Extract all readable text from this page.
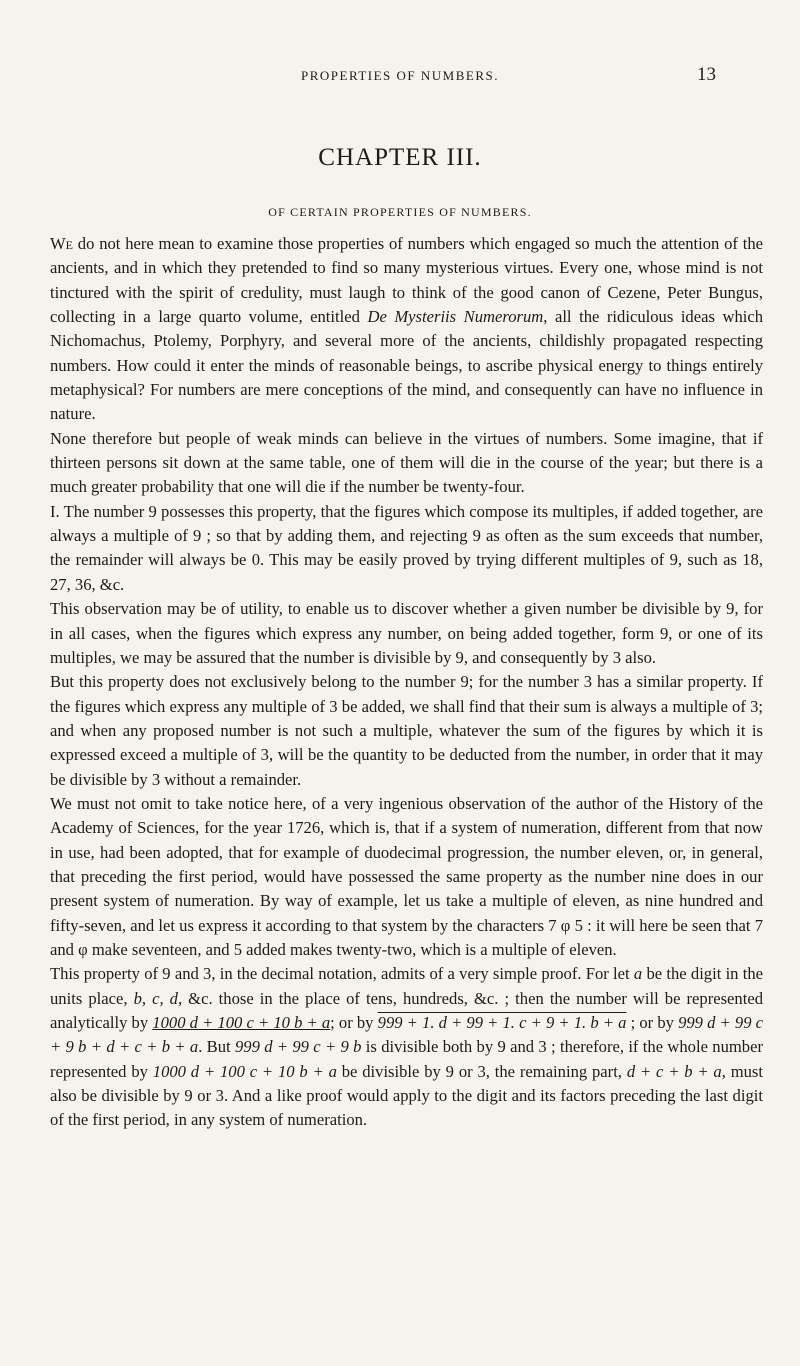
PROPERTIES OF NUMBERS.	13
CHAPTER III.
OF CERTAIN PROPERTIES OF NUMBERS.

We do not here mean to examine those properties of numbers which engaged so much the attention of the ancients, and in which they pretended to find so many mysterious virtues. Every one, whose mind is not tinctured with the spirit of credulity, must laugh to think of the good canon of Cezene, Peter Bungus, collecting in a large quarto volume, entitled De Mysteriis Numerorum, all the ridiculous ideas which Nichomachus, Ptolemy, Porphyry, and several more of the ancients, childishly propagated respecting numbers. How could it enter the minds of reasonable beings, to ascribe physical energy to things entirely metaphysical? For numbers are mere conceptions of the mind, and consequently can have no influence in nature.

None therefore but people of weak minds can believe in the virtues of numbers. Some imagine, that if thirteen persons sit down at the same table, one of them will die in the course of the year; but there is a much greater probability that one will die if the number be twenty-four.

I. The number 9 possesses this property, that the figures which compose its multiples, if added together, are always a multiple of 9 ; so that by adding them, and rejecting 9 as often as the sum exceeds that number, the remainder will always be 0. This may be easily proved by trying different multiples of 9, such as 18, 27, 36, &c.

This observation may be of utility, to enable us to discover whether a given number be divisible by 9, for in all cases, when the figures which express any number, on being added together, form 9, or one of its multiples, we may be assured that the number is divisible by 9, and consequently by 3 also.

But this property does not exclusively belong to the number 9; for the number 3 has a similar property. If the figures which express any multiple of 3 be added, we shall find that their sum is always a multiple of 3; and when any proposed number is not such a multiple, whatever the sum of the figures by which it is expressed exceed a multiple of 3, will be the quantity to be deducted from the number, in order that it may be divisible by 3 without a remainder.

We must not omit to take notice here, of a very ingenious observation of the author of the History of the Academy of Sciences, for the year 1726, which is, that if a system of numeration, different from that now in use, had been adopted, that for example of duodecimal progression, the number eleven, or, in general, that preceding the first period, would have possessed the same property as the number nine does in our present system of numeration. By way of example, let us take a multiple of eleven, as nine hundred and fifty-seven, and let us express it according to that system by the characters 7 φ 5 : it will here be seen that 7 and φ make seventeen, and 5 added makes twenty-two, which is a multiple of eleven.

This property of 9 and 3, in the decimal notation, admits of a very simple proof. For let a be the digit in the units place, b, c, d, &c. those in the place of tens, hundreds, &c. ; then the number will be represented analytically by 1000 d + 100 c + 10 b + a; or by 999 + 1. d + 99 + 1. c + 9 + 1. b + a ; or by 999 d + 99 c + 9 b + d + c + b + a. But 999 d + 99 c + 9 b is divisible both by 9 and 3 ; therefore, if the whole number represented by 1000 d + 100 c + 10 b + a be divisible by 9 or 3, the remaining part, d + c + b + a, must also be divisible by 9 or 3. And a like proof would apply to the digit and its factors preceding the last digit of the first period, in any system of numeration.
